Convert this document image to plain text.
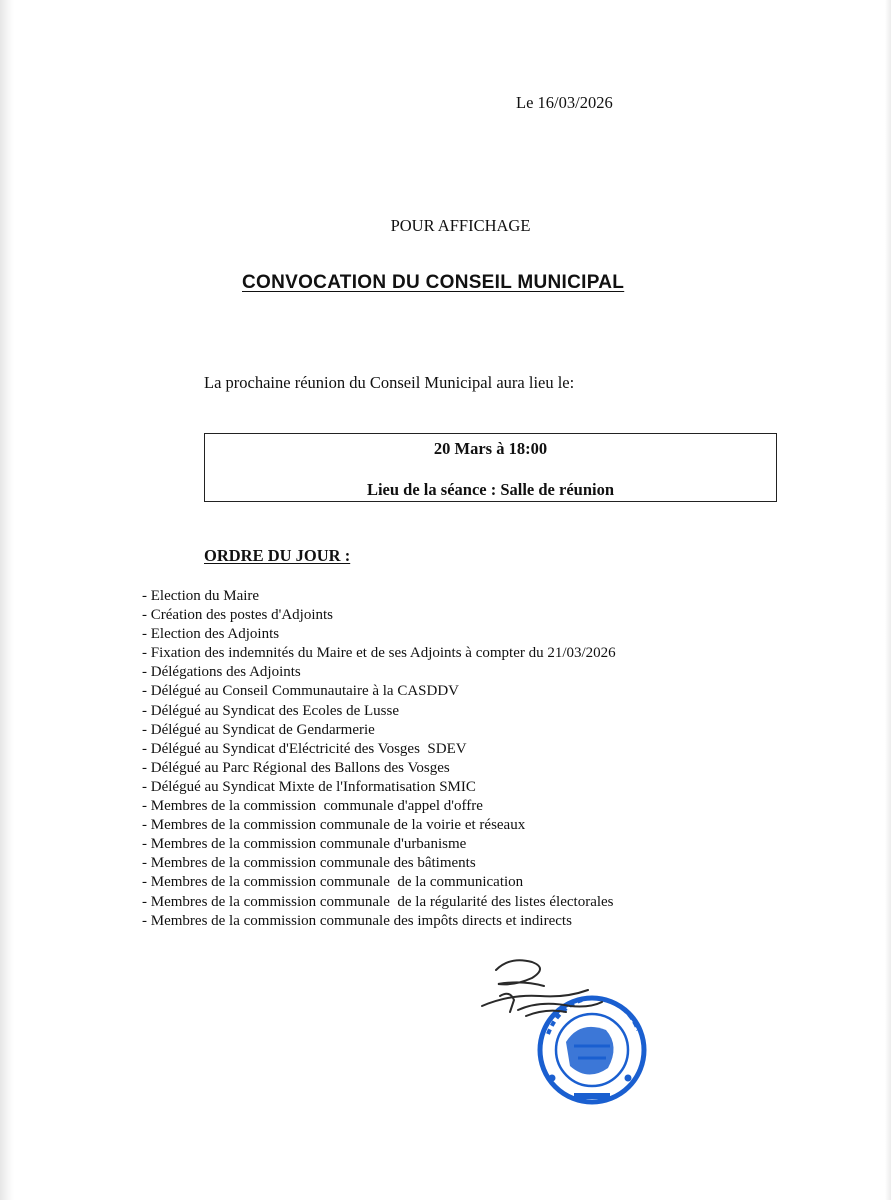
Le 16/03/2026
POUR AFFICHAGE
CONVOCATION DU CONSEIL MUNICIPAL
La prochaine réunion du Conseil Municipal aura lieu le:
20 Mars à 18:00
Lieu de la séance : Salle de réunion
ORDRE DU JOUR :
- Election du Maire
- Création des postes d'Adjoints
- Election des Adjoints
- Fixation des indemnités du Maire et de ses Adjoints à compter du 21/03/2026
- Délégations des Adjoints
- Délégué au Conseil Communautaire à la CASDDV
- Délégué au Syndicat des Ecoles de Lusse
- Délégué au Syndicat de Gendarmerie
- Délégué au Syndicat d'Eléctricité des Vosges  SDEV
- Délégué au Parc Régional des Ballons des Vosges
- Délégué au Syndicat Mixte de l'Informatisation SMIC
- Membres de la commission  communale d'appel d'offre
- Membres de la commission communale de la voirie et réseaux
- Membres de la commission communale d'urbanisme
- Membres de la commission communale des bâtiments
- Membres de la commission communale  de la communication
- Membres de la commission communale  de la régularité des listes électorales
- Membres de la commission communale des impôts directs et indirects
